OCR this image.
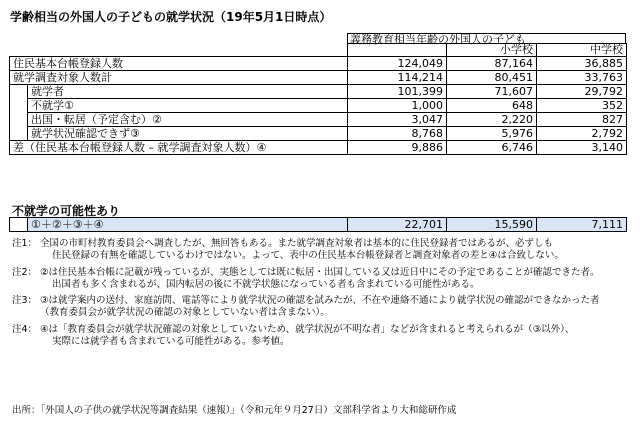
学齢相当の外国人の子どもの就学状況（19年5月1日時点）
義務教育相当年齢の外国人の子ども
			小学校	中学校
住民基本台帳登録人数		124,049	87,164	36,885
就学調査対象人数計		114,214	80,451	33,763
	就学者	101,399	71,607	29,792
	不就学①	1,000	648	352
	出国・転居（予定含む）②	3,047	2,220	827
	就学状況確認できず③	8,768	5,976	2,792
差（住民基本台帳登録人数 – 就学調査対象人数）④		9,886	6,746	3,140
不就学の可能性あり
	①＋②＋③＋④	22,701	15,590	7,111
注1： 全国の市町村教育委員会へ調査したが、無回答もある。また就学調査対象者は基本的に住民登録者ではあるが、必ずしも
住民登録の有無を確認しているわけではない。よって、表中の住民基本台帳登録者と調査対象者の差と④は合致しない。
注2： ②は住民基本台帳に記載が残っているが、実態としては既に転居・出国している又は近日中にその予定であることが確認できた者。
出国者も多く含まれるが、国内転居の後に不就学状態になっている者も含まれている可能性がある。
注3： ③は就学案内の送付、家庭訪問、電話等により就学状況の確認を試みたが、不在や連絡不通により就学状況の確認ができなかった者
（教育委員会が就学状況の確認の対象としていない者は含まない）。
注4： ④は「教育委員会が就学状況確認の対象としていないため、就学状況が不明な者」などが含まれると考えられるが（③以外）、
実際には就学者も含まれている可能性がある。参考値。
出所：「外国人の子供の就学状況等調査結果（速報）」（令和元年９月27日）文部科学省より大和総研作成
